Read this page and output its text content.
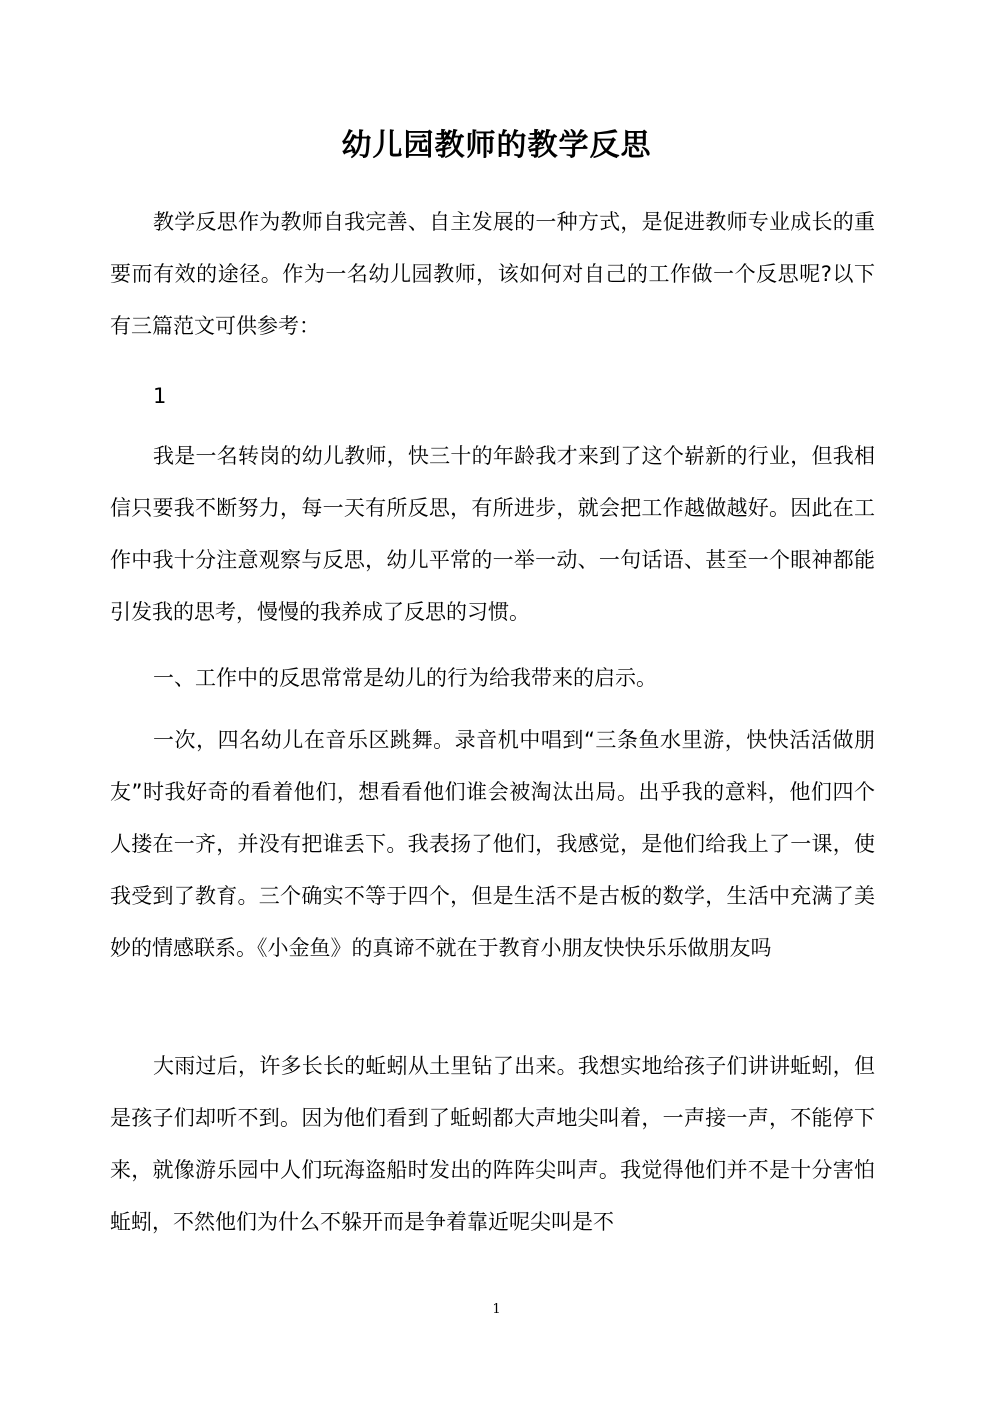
幼儿园教师的教学反思

教学反思作为教师自我完善、自主发展的一种方式，是促进教师专业成长的重要而有效的途径。作为一名幼儿园教师，该如何对自己的工作做一个反思呢?以下有三篇范文可供参考：

1

我是一名转岗的幼儿教师，快三十的年龄我才来到了这个崭新的行业，但我相信只要我不断努力，每一天有所反思，有所进步，就会把工作越做越好。因此在工作中我十分注意观察与反思，幼儿平常的一举一动、一句话语、甚至一个眼神都能引发我的思考，慢慢的我养成了反思的习惯。

一、工作中的反思常常是幼儿的行为给我带来的启示。

一次，四名幼儿在音乐区跳舞。录音机中唱到“三条鱼水里游，快快活活做朋友”时我好奇的看着他们，想看看他们谁会被淘汰出局。出乎我的意料，他们四个人搂在一齐，并没有把谁丢下。我表扬了他们，我感觉，是他们给我上了一课，使我受到了教育。三个确实不等于四个，但是生活不是古板的数学，生活中充满了美妙的情感联系。《小金鱼》的真谛不就在于教育小朋友快快乐乐做朋友吗

大雨过后，许多长长的蚯蚓从土里钻了出来。我想实地给孩子们讲讲蚯蚓，但是孩子们却听不到。因为他们看到了蚯蚓都大声地尖叫着，一声接一声，不能停下来，就像游乐园中人们玩海盗船时发出的阵阵尖叫声。我觉得他们并不是十分害怕蚯蚓，不然他们为什么不躲开而是争着靠近呢尖叫是不

1
